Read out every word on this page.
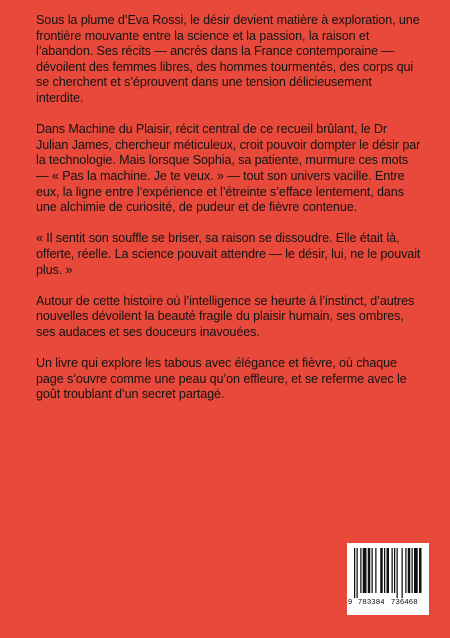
Sous la plume d’Eva Rossi, le désir devient matière à exploration, une frontière mouvante entre la science et la passion, la raison et l’abandon. Ses récits — ancrés dans la France contemporaine — dévoilent des femmes libres, des hommes tourmentés, des corps qui se cherchent et s’éprouvent dans une tension délicieusement interdite.

Dans Machine du Plaisir, récit central de ce recueil brûlant, le Dr Julian James, chercheur méticuleux, croit pouvoir dompter le désir par la technologie. Mais lorsque Sophia, sa patiente, murmure ces mots — « Pas la machine. Je te veux. » — tout son univers vacille. Entre eux, la ligne entre l’expérience et l’étreinte s’efface lentement, dans une alchimie de curiosité, de pudeur et de fièvre contenue.

« Il sentit son souffle se briser, sa raison se dissoudre. Elle était là, offerte, réelle. La science pouvait attendre — le désir, lui, ne le pouvait plus. »

Autour de cette histoire où l’intelligence se heurte à l’instinct, d’autres nouvelles dévoilent la beauté fragile du plaisir humain, ses ombres, ses audaces et ses douceurs inavouées.

Un livre qui explore les tabous avec élégance et fièvre, où chaque page s’ouvre comme une peau qu’on effleure, et se referme avec le goût troublant d’un secret partagé.

9 783384 736468
